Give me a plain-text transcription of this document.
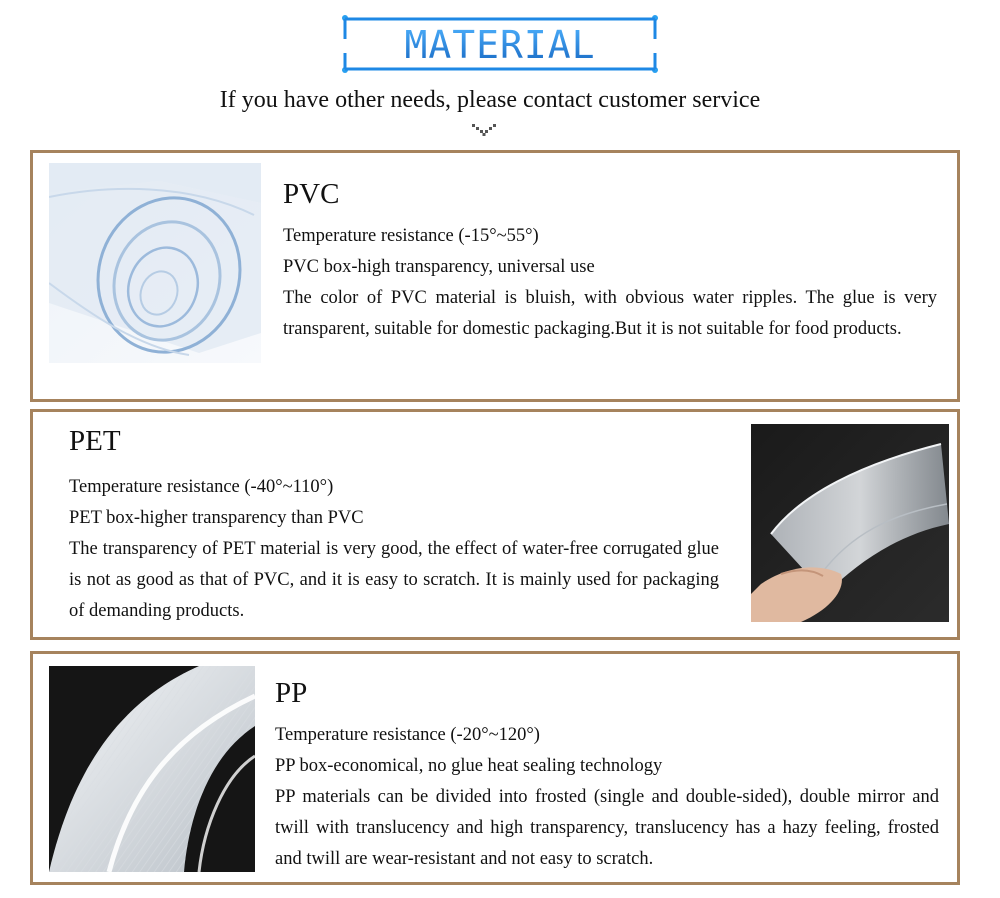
MATERIAL
If you have other needs, please contact customer service
PVC

Temperature resistance (-15°~55°)

PVC box-high transparency, universal use

The color of PVC material is bluish, with obvious water ripples. The glue is very transparent, suitable for domestic packaging.But it is not suitable for food products.

PET

Temperature resistance (-40°~110°)

PET box-higher transparency than PVC

The transparency of PET material is very good, the effect of water-free corrugated glue is not as good as that of PVC, and it is easy to scratch. It is mainly used for packaging of demanding products.

PP

Temperature resistance (-20°~120°)

PP box-economical, no glue heat sealing technology

PP materials can be divided into frosted (single and double-sided), double mirror and twill with translucency and high transparency, translucency has a hazy feeling, frosted and twill are wear-resistant and not easy to scratch.
